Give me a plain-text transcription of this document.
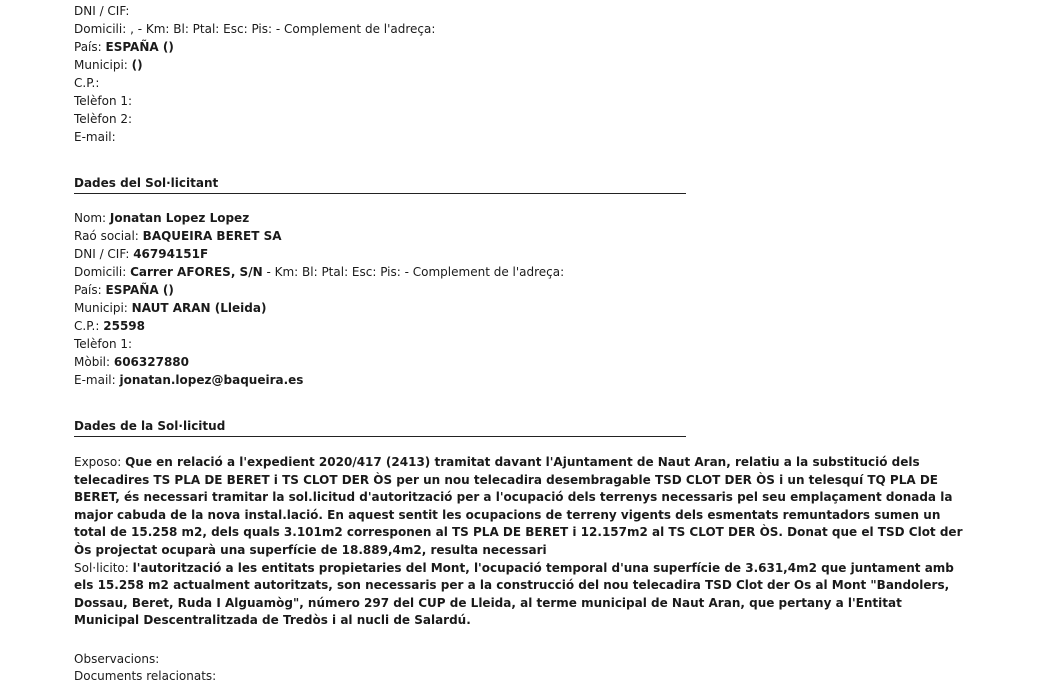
DNI / CIF:
Domicili: , - Km: Bl: Ptal: Esc: Pis: - Complement de l'adreça:
País: ESPAÑA ()
Municipi: ()
C.P.:
Telèfon 1:
Telèfon 2:
E-mail:
Dades del Sol·licitant
Nom: Jonatan Lopez Lopez
Raó social: BAQUEIRA BERET SA
DNI / CIF: 46794151F
Domicili: Carrer AFORES, S/N - Km: Bl: Ptal: Esc: Pis: - Complement de l'adreça:
País: ESPAÑA ()
Municipi: NAUT ARAN (Lleida)
C.P.: 25598
Telèfon 1:
Mòbil: 606327880
E-mail: jonatan.lopez@baqueira.es
Dades de la Sol·licitud
Exposo: Que en relació a l'expedient 2020/417 (2413) tramitat davant l'Ajuntament de Naut Aran, relatiu a la substitució dels telecadires TS PLA DE BERET i TS CLOT DER ÒS per un nou telecadira desembragable TSD CLOT DER ÒS i un telesquí TQ PLA DE BERET, és necessari tramitar la sol.licitud d'autorització per a l'ocupació dels terrenys necessaris pel seu emplaçament donada la major cabuda de la nova instal.lació. En aquest sentit les ocupacions de terreny vigents dels esmentats remuntadors sumen un total de 15.258 m2, dels quals 3.101m2 corresponen al TS PLA DE BERET i 12.157m2 al TS CLOT DER ÒS. Donat que el TSD Clot der Òs projectat ocuparà una superfície de 18.889,4m2, resulta necessari
Sol·licito: l'autorització a les entitats propietaries del Mont, l'ocupació temporal d'una superfície de 3.631,4m2 que juntament amb els 15.258 m2 actualment autoritzats, son necessaris per a la construcció del nou telecadira TSD Clot der Os al Mont "Bandolers, Dossau, Beret, Ruda I Alguamòg", número 297 del CUP de Lleida, al terme municipal de Naut Aran, que pertany a l'Entitat Municipal Descentralitzada de Tredòs i al nucli de Salardú.
Observacions:
Documents relacionats:
